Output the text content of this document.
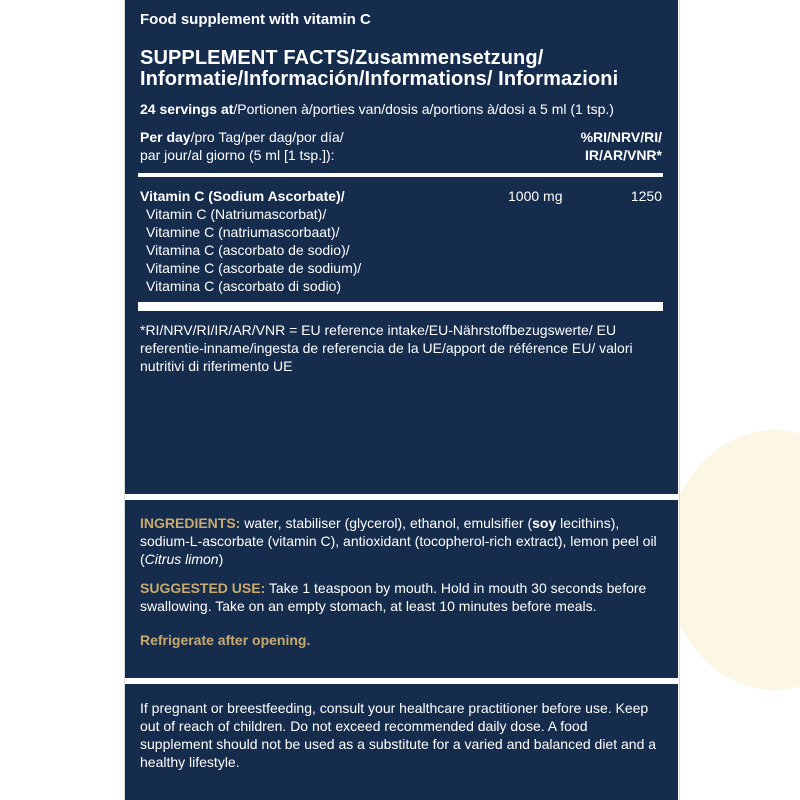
Food supplement with vitamin C
SUPPLEMENT FACTS/Zusammensetzung/ Informatie/Información/Informations/ Informazioni
24 servings at/Portionen à/porties van/dosis a/portions à/dosi a 5 ml (1 tsp.)
Per day/pro Tag/per dag/por día/
par jour/al giorno (5 ml [1 tsp.]):
%RI/NRV/RI/
IR/AR/VNR*
Vitamin C (Sodium Ascorbate)/
Vitamin C (Natriumascorbat)/
Vitamine C (natriumascorbaat)/
Vitamina C (ascorbato de sodio)/
Vitamine C (ascorbate de sodium)/
Vitamina C (ascorbato di sodio)
1000 mg	1250
*RI/NRV/RI/IR/AR/VNR = EU reference intake/EU-Nährstoffbezugswerte/ EU referentie-inname/ingesta de referencia de la UE/apport de référence EU/ valori nutritivi di riferimento UE
INGREDIENTS: water, stabiliser (glycerol), ethanol, emulsifier (soy lecithins), sodium-L-ascorbate (vitamin C), antioxidant (tocopherol-rich extract), lemon peel oil (Citrus limon)
SUGGESTED USE: Take 1 teaspoon by mouth. Hold in mouth 30 seconds before swallowing. Take on an empty stomach, at least 10 minutes before meals.
Refrigerate after opening.
If pregnant or breestfeeding, consult your healthcare practitioner before use. Keep out of reach of children. Do not exceed recommended daily dose. A food supplement should not be used as a substitute for a varied and balanced diet and a healthy lifestyle.
